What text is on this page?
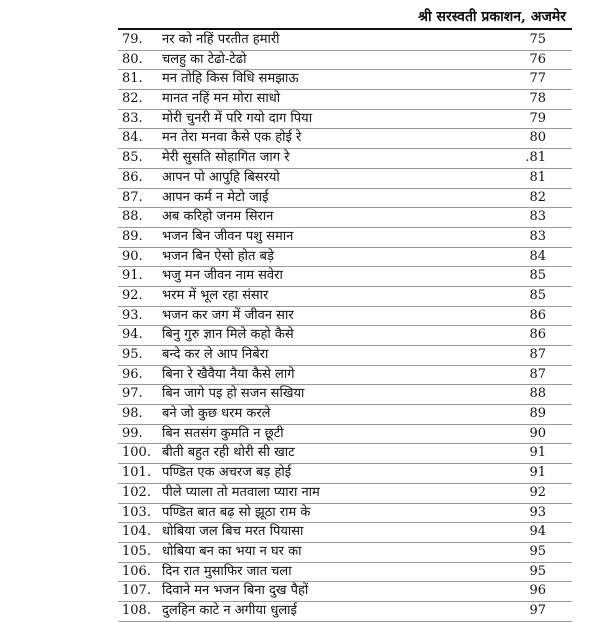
श्री सरस्वती प्रकाशन, अजमेर
79.	नर को नहिं परतीत हमारी	75
80.	चलहु का टेढो-टेढो	76
81.	मन तोहि किस विधि समझाऊ	77
82.	मानत नहिं मन मोरा साधो	78
83.	मोरी चुनरी में परि गयो दाग पिया	79
84.	मन तेरा मनवा कैसे एक होई रे	80
85.	मेरी सुसति सोहागित जाग रे	.81
86.	आपन पो आपुहि बिसरयो	81
87.	आपन कर्म न मेटो जाई	82
88.	अब करिहो जनम सिरान	83
89.	भजन बिन जीवन पशु समान	83
90.	भजन बिन ऐसो होत बड़े	84
91.	भजु मन जीवन नाम सवेरा	85
92.	भरम में भूल रहा संसार	85
93.	भजन कर जग में जीवन सार	86
94.	बिनु गुरु ज्ञान मिले कहो कैसे	86
95.	बन्दे कर ले आप निबेरा	87
96.	बिना रे खैवैया नैया कैसे लागे	87
97.	बिन जागे पइ हो सजन सखिया	88
98.	बने जो कुछ धरम करले	89
99.	बिन सतसंग कुमति न छूटी	90
100. बीती बहुत रही थोरी सी खाट	91
101. पण्डित एक अचरज बड़ होई	91
102. पीले प्याला तो मतवाला प्यारा नाम	92
103. पण्डित बात बढ़ सो झूठा राम के	93
104. धोबिया जल बिच मरत पियासा	94
105. धोबिया बन का भया न घर का	95
106. दिन रात मुसाफिर जात चला	95
107. दिवाने मन भजन बिना दुख पैहों	96
108. दुलहिन काटे न अगीया धुलाई	97
